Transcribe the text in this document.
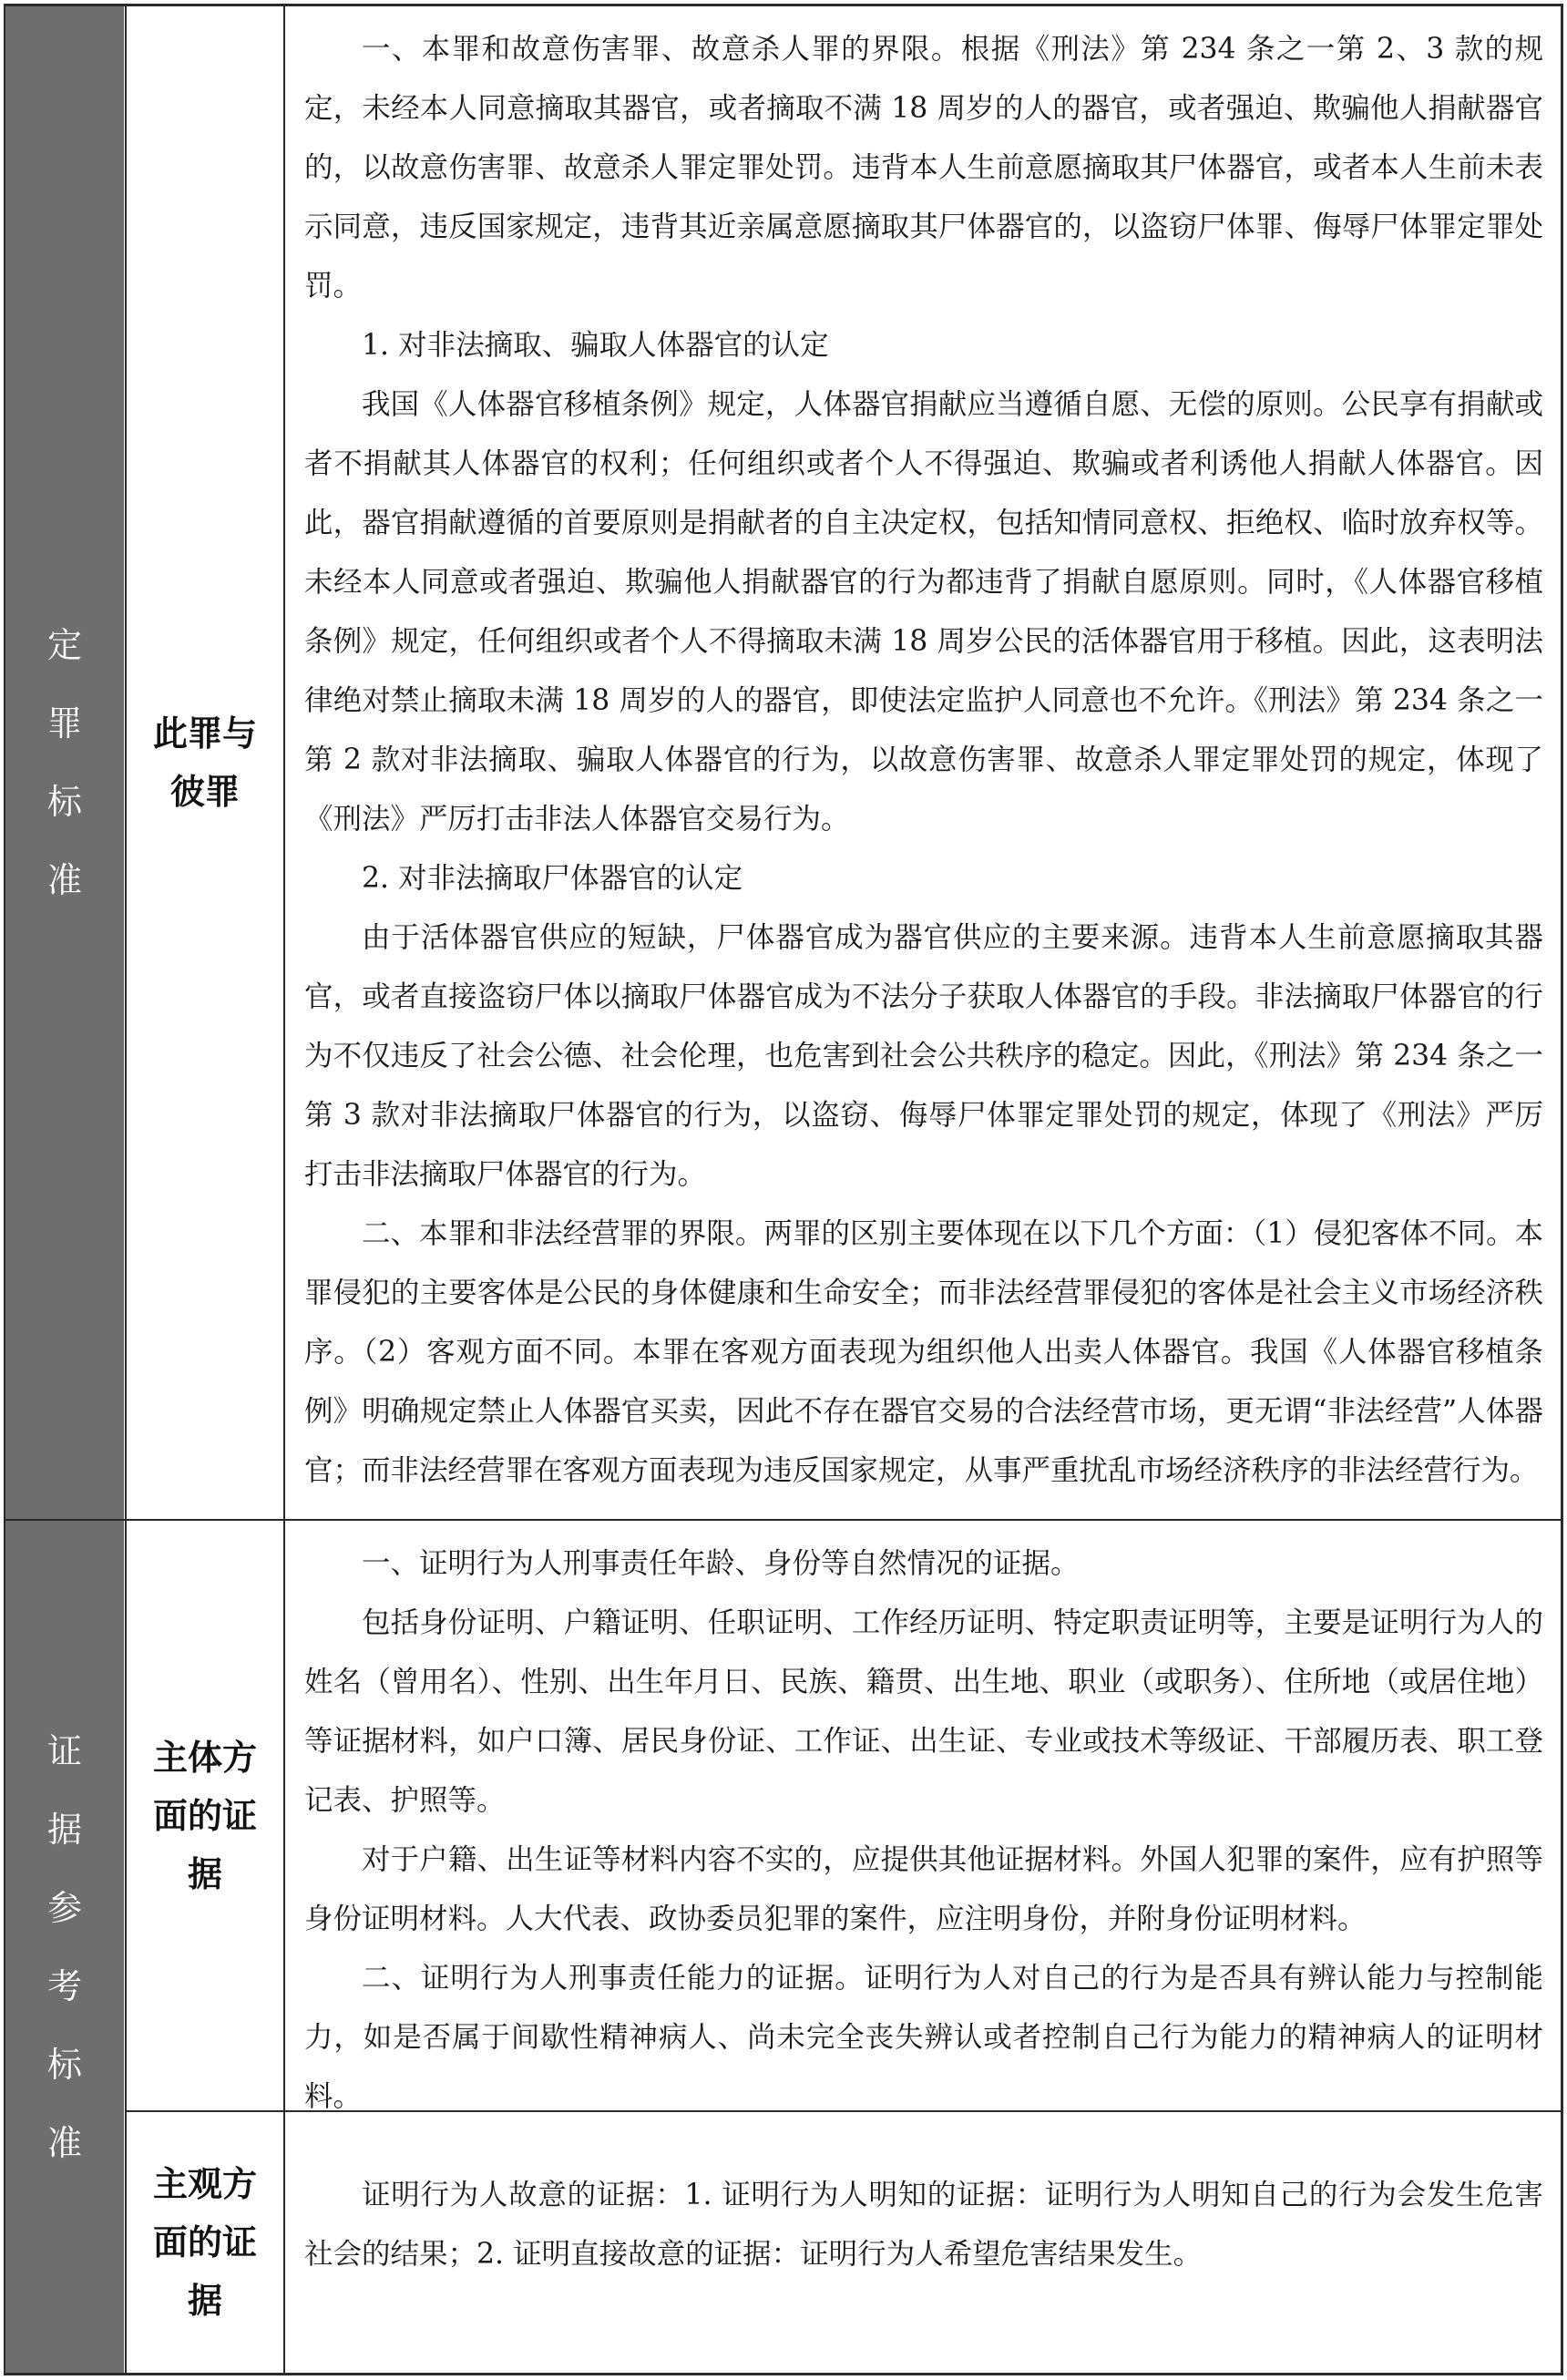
定罪标准
此罪与彼罪

一、本罪和故意伤害罪、故意杀人罪的界限。根据《刑法》第 234 条之一第 2、3 款的规定，未经本人同意摘取其器官，或者摘取不满 18 周岁的人的器官，或者强迫、欺骗他人捐献器官的，以故意伤害罪、故意杀人罪定罪处罚。违背本人生前意愿摘取其尸体器官，或者本人生前未表示同意，违反国家规定，违背其近亲属意愿摘取其尸体器官的，以盗窃尸体罪、侮辱尸体罪定罪处罚。

1. 对非法摘取、骗取人体器官的认定

我国《人体器官移植条例》规定，人体器官捐献应当遵循自愿、无偿的原则。公民享有捐献或者不捐献其人体器官的权利；任何组织或者个人不得强迫、欺骗或者利诱他人捐献人体器官。因此，器官捐献遵循的首要原则是捐献者的自主决定权，包括知情同意权、拒绝权、临时放弃权等。未经本人同意或者强迫、欺骗他人捐献器官的行为都违背了捐献自愿原则。同时，《人体器官移植条例》规定，任何组织或者个人不得摘取未满 18 周岁公民的活体器官用于移植。因此，这表明法律绝对禁止摘取未满 18 周岁的人的器官，即使法定监护人同意也不允许。《刑法》第 234 条之一第 2 款对非法摘取、骗取人体器官的行为，以故意伤害罪、故意杀人罪定罪处罚的规定，体现了《刑法》严厉打击非法人体器官交易行为。

2. 对非法摘取尸体器官的认定

由于活体器官供应的短缺，尸体器官成为器官供应的主要来源。违背本人生前意愿摘取其器官，或者直接盗窃尸体以摘取尸体器官成为不法分子获取人体器官的手段。非法摘取尸体器官的行为不仅违反了社会公德、社会伦理，也危害到社会公共秩序的稳定。因此，《刑法》第 234 条之一第 3 款对非法摘取尸体器官的行为，以盗窃、侮辱尸体罪定罪处罚的规定，体现了《刑法》严厉打击非法摘取尸体器官的行为。

二、本罪和非法经营罪的界限。两罪的区别主要体现在以下几个方面：（1）侵犯客体不同。本罪侵犯的主要客体是公民的身体健康和生命安全；而非法经营罪侵犯的客体是社会主义市场经济秩序。（2）客观方面不同。本罪在客观方面表现为组织他人出卖人体器官。我国《人体器官移植条例》明确规定禁止人体器官买卖，因此不存在器官交易的合法经营市场，更无谓“非法经营”人体器官；而非法经营罪在客观方面表现为违反国家规定，从事严重扰乱市场经济秩序的非法经营行为。

证据参考标准
主体方面的证据

一、证明行为人刑事责任年龄、身份等自然情况的证据。

包括身份证明、户籍证明、任职证明、工作经历证明、特定职责证明等，主要是证明行为人的姓名（曾用名）、性别、出生年月日、民族、籍贯、出生地、职业（或职务）、住所地（或居住地）等证据材料，如户口簿、居民身份证、工作证、出生证、专业或技术等级证、干部履历表、职工登记表、护照等。

对于户籍、出生证等材料内容不实的，应提供其他证据材料。外国人犯罪的案件，应有护照等身份证明材料。人大代表、政协委员犯罪的案件，应注明身份，并附身份证明材料。

二、证明行为人刑事责任能力的证据。证明行为人对自己的行为是否具有辨认能力与控制能力，如是否属于间歇性精神病人、尚未完全丧失辨认或者控制自己行为能力的精神病人的证明材料。

主观方面的证据

证明行为人故意的证据：1. 证明行为人明知的证据：证明行为人明知自己的行为会发生危害社会的结果；2. 证明直接故意的证据：证明行为人希望危害结果发生。
